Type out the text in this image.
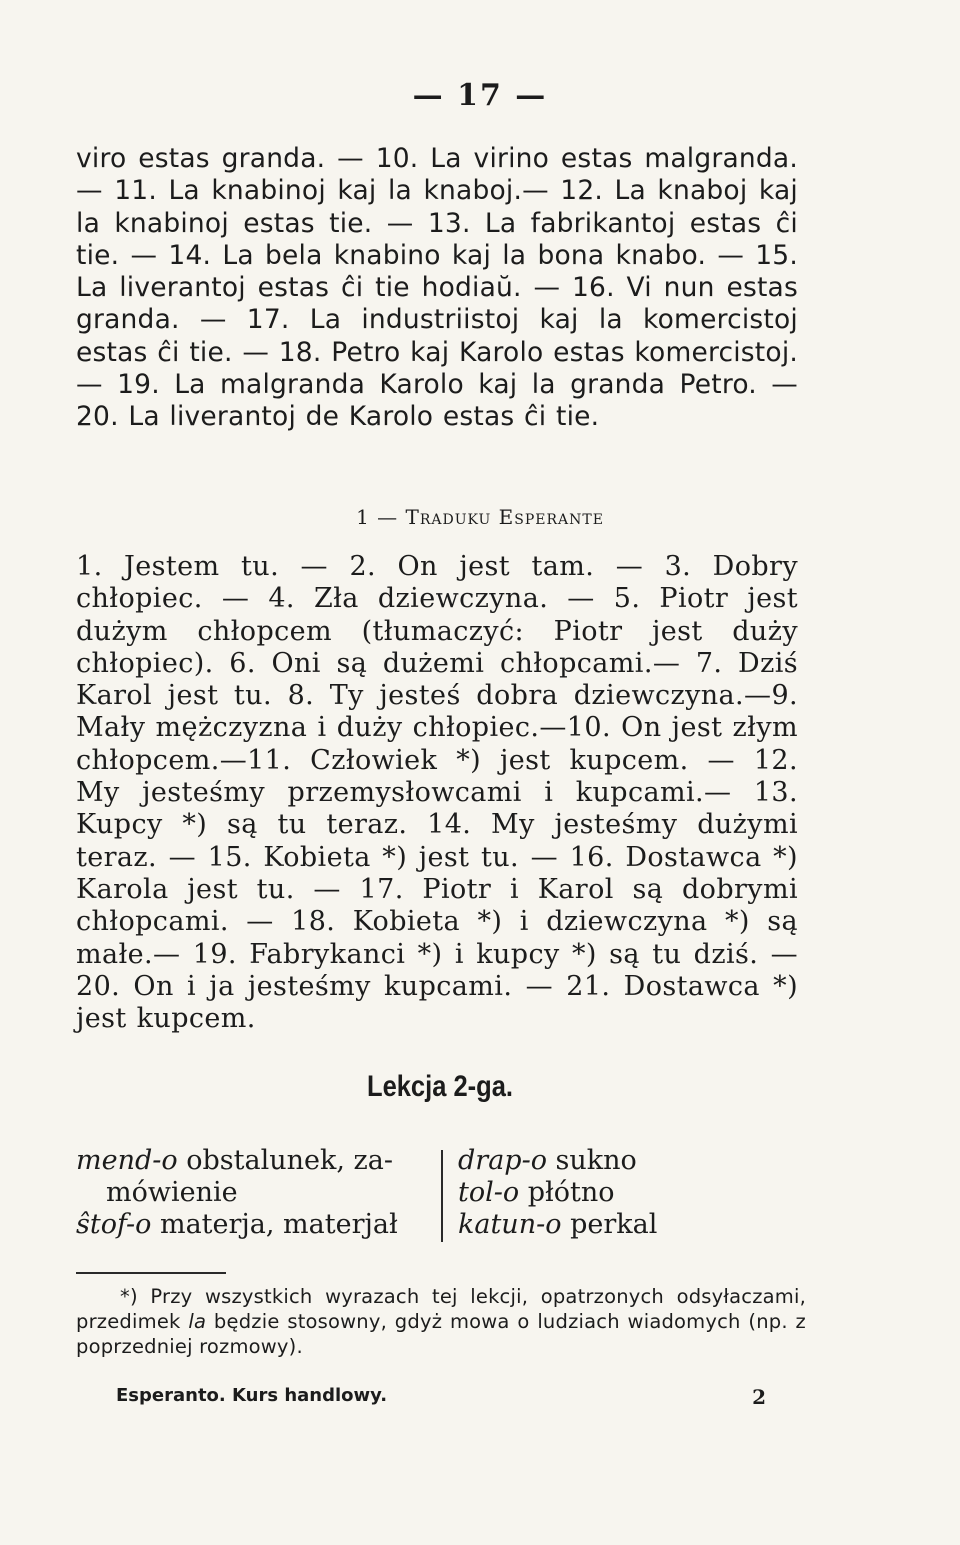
— 17 —
viro estas granda. — 10. La virino estas malgranda.— 11. La knabinoj kaj la knaboj.— 12. La knaboj kaj la knabinoj estas tie. — 13. La fabrikantoj estas ĉi tie. — 14. La bela knabino kaj la bona knabo. — 15. La liverantoj estas ĉi tie hodiaŭ. — 16. Vi nun estas granda. — 17. La industriistoj kaj la komercistoj estas ĉi tie. — 18. Petro kaj Karolo estas komercistoj. — 19. La malgranda Karolo kaj la granda Petro. — 20. La liverantoj de Karolo estas ĉi tie.
1 — Traduku Esperante
1. Jestem tu. — 2. On jest tam. — 3. Dobry chłopiec. — 4. Zła dziewczyna. — 5. Piotr jest dużym chłopcem (tłumaczyć: Piotr jest duży chłopiec). 6. Oni są dużemi chłopcami.— 7. Dziś Karol jest tu. 8. Ty jesteś dobra dziewczyna.—9. Mały mężczyzna i duży chłopiec.—10. On jest złym chłopcem.—11. Człowiek *) jest kupcem. — 12. My jesteśmy przemysłowcami i kupcami.— 13. Kupcy *) są tu teraz. 14. My jesteśmy dużymi teraz. — 15. Kobieta *) jest tu. — 16. Dostawca *) Karola jest tu. — 17. Piotr i Karol są dobrymi chłopcami. — 18. Kobieta *) i dziewczyna *) są małe.— 19. Fabrykanci *) i kupcy *) są tu dziś. — 20. On i ja jesteśmy kupcami. — 21. Dostawca *) jest kupcem.
Lekcja 2-ga.
mend-o obstalunek, za-
mówienie
ŝtof-o materja, materjał
drap-o sukno
tol-o płótno
katun-o perkal
*) Przy wszystkich wyrazach tej lekcji, opatrzonych odsyłaczami, przedimek la będzie stosowny, gdyż mowa o ludziach wiadomych (np. z poprzedniej rozmowy).
Esperanto. Kurs handlowy.	2
